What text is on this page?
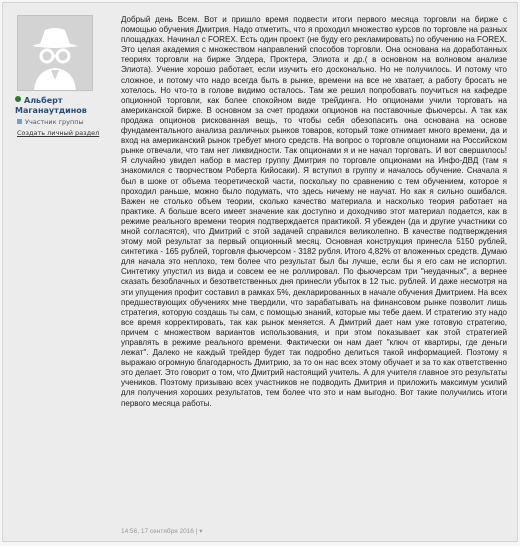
Альберт Маганаутдинов
Участник группы
Создать личный раздел
Добрый день Всем. Вот и пришло время подвести итоги первого месяца торговли на бирже с помощью обучения Дмитрия. Надо отметить, что я проходил множество курсов по торговле на разных площадках. Начинал с FOREX. Есть один проект (не буду его рекламировать) по обучению на FOREX. Это целая академия с множеством направлений способов торговли. Она основана на доработанных теориях торговли на бирже Элдера, Проктера, Элиота и др.( в основном на волновом анализе Элиота). Учение хорошо работает, если изучить его досконально. Но не получилось. И потому что сложное, и потому что надо всегда быть в рынке, времени на все не хватает, а работу бросать не хотелось. Но что-то в голове видимо осталось. Там же решил попробовать поучиться на кафедре опционной торговли, как более спокойном виде трейдинга. Но опционами учили торговать на американской бирже. В основном за счет продажи опционов на поставочные фьючерсы. А так как продажа опционов рискованная вещь, то чтобы себя обезопасить она основана на основе фундаментального анализа различных рынков товаров, который тоже отнимает много времени, да и вход на американский рынок требует много средств. На вопрос о торговле опционами на Российском рынке отвечали, что там нет ликвидности. Так опционами я и не начал торговать. И вот свершилось! Я случайно увидел набор в мастер группу Дмитрия по торговле опционами на Инфо-ДВД (там я знакомился с творчеством Роберта Кийосаки). Я вступил в группу и началось обучение. Сначала я был в шоке от объема теоретической части, поскольку по сравнению с тем обучением, которое я проходил раньше, можно было подумать, что здесь ничему не научат. Но как я сильно ошибался. Важен не столько объем теории, сколько качество материала и насколько теория работает на практике. А больше всего имеет значение как доступно и доходчиво этот материал подается, как в режиме реального времени теория подтверждается практикой. Я убежден (да и другие участники со мной согласятся), что Дмитрий с этой задачей справился великолепно. В качестве подтверждения этому мой результат за первый опционный месяц. Основная конструкция принесла 5150 рублей, синтетика - 165 рублей, торговля фьючерсом - 3182 рубля. Итого 4,82% от вложенных средств. Думаю для начала это неплохо, тем более что результат был бы лучше, если бы я его сам не испортил. Синтетику упустил из вида и совсем ее не роллировал. По фьючерсам три "неудачных", а вернее сказать безоблачных и безответственных дня принесли убыток в 12 тыс. рублей. И даже несмотря на эти упущения профит составил в рамках 5%, декларированных в начале обучения Дмитрием. На всех предшествующих обучениях мне твердили, что зарабатывать на финансовом рынке позволит лишь стратегия, которую создашь ты сам, с помощью знаний, которые мы тебе даем. И стратегию эту надо все время корректировать, так как рынок меняется. А Дмитрий дает нам уже готовую стратегию, причем с множеством вариантов использования, и при этом показывает как этой стратегией управлять в режиме реального времени. Фактически он нам дает "ключ от квартиры, где деньги лежат". Далеко не каждый трейдер будет так подробно делиться такой информацией. Поэтому я выражаю огромную благодарность Дмитрию, за то он нас всех этому обучает и за то как ответственно это делает. Это говорит о том, что Дмитрий настоящий учитель. А для учителя главное это результаты учеников. Поэтому призываю всех участников не подводить Дмитрия и приложить максимум усилий для получения хороших результатов, тем более что это и нам выгодно. Вот такие получились итоги первого месяца работы.
14:56, 17 сентября 2016 | ▾
